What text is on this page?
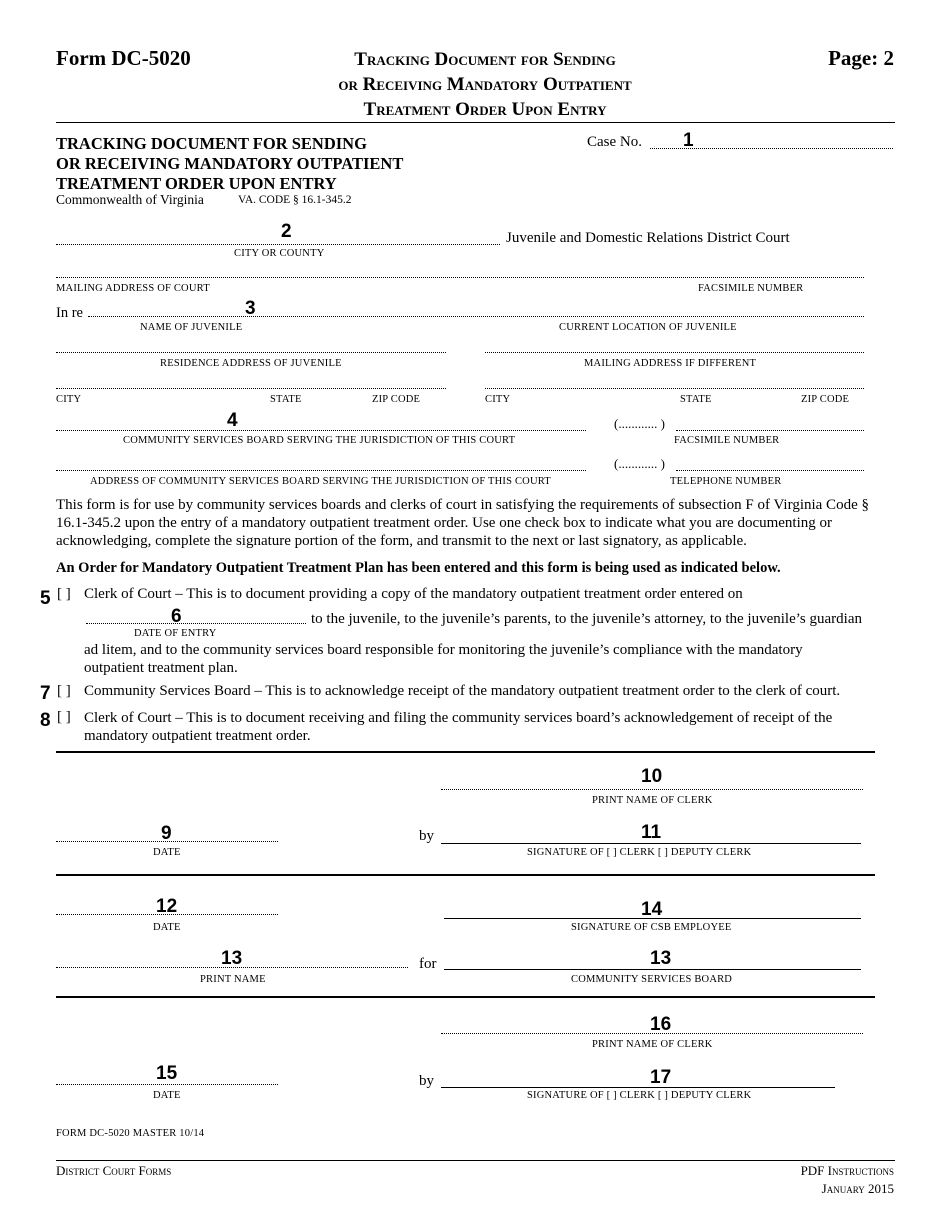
Form DC-5020	Tracking Document for Sending
or Receiving Mandatory Outpatient
Treatment Order Upon Entry
Page: 2
TRACKING DOCUMENT FOR SENDING
OR RECEIVING MANDATORY OUTPATIENT
TREATMENT ORDER UPON ENTRY
Commonwealth of Virginia	VA. CODE § 16.1-345.2
Case No. 1
2	Juvenile and Domestic Relations District Court
CITY OR COUNTY
MAILING ADDRESS OF COURT	FACSIMILE NUMBER
In re	3
NAME OF JUVENILE	CURRENT LOCATION OF JUVENILE
RESIDENCE ADDRESS OF JUVENILE	MAILING ADDRESS IF DIFFERENT
CITY	STATE	ZIP CODE	CITY	STATE	ZIP CODE
4	(............ )
COMMUNITY SERVICES BOARD SERVING THE JURISDICTION OF THIS COURT	FACSIMILE NUMBER
(............ )
ADDRESS OF COMMUNITY SERVICES BOARD SERVING THE JURISDICTION OF THIS COURT	TELEPHONE NUMBER
This form is for use by community services boards and clerks of court in satisfying the requirements of subsection F of Virginia Code § 16.1-345.2 upon the entry of a mandatory outpatient treatment order. Use one check box to indicate what you are documenting or acknowledging, complete the signature portion of the form, and transmit to the next or last signatory, as applicable.
An Order for Mandatory Outpatient Treatment Plan has been entered and this form is being used as indicated below.
5 [ ] Clerk of Court – This is to document providing a copy of the mandatory outpatient treatment order entered on
6	to the juvenile, to the juvenile’s parents, to the juvenile’s attorney, to the juvenile’s guardian
DATE OF ENTRY
ad litem, and to the community services board responsible for monitoring the juvenile’s compliance with the mandatory outpatient treatment plan.
7 [ ] Community Services Board – This is to acknowledge receipt of the mandatory outpatient treatment order to the clerk of court.
8 [ ] Clerk of Court – This is to document receiving and filing the community services board’s acknowledgement of receipt of the mandatory outpatient treatment order.
10
PRINT NAME OF CLERK
9
DATE
by	11
SIGNATURE OF [ ] CLERK [ ] DEPUTY CLERK
12
DATE
14
SIGNATURE OF CSB EMPLOYEE
13
PRINT NAME
for	13
COMMUNITY SERVICES BOARD
16
PRINT NAME OF CLERK
15
DATE
by	17
SIGNATURE OF [ ] CLERK [ ] DEPUTY CLERK
FORM DC-5020 MASTER 10/14
District Court Forms	PDF Instructions
January 2015
